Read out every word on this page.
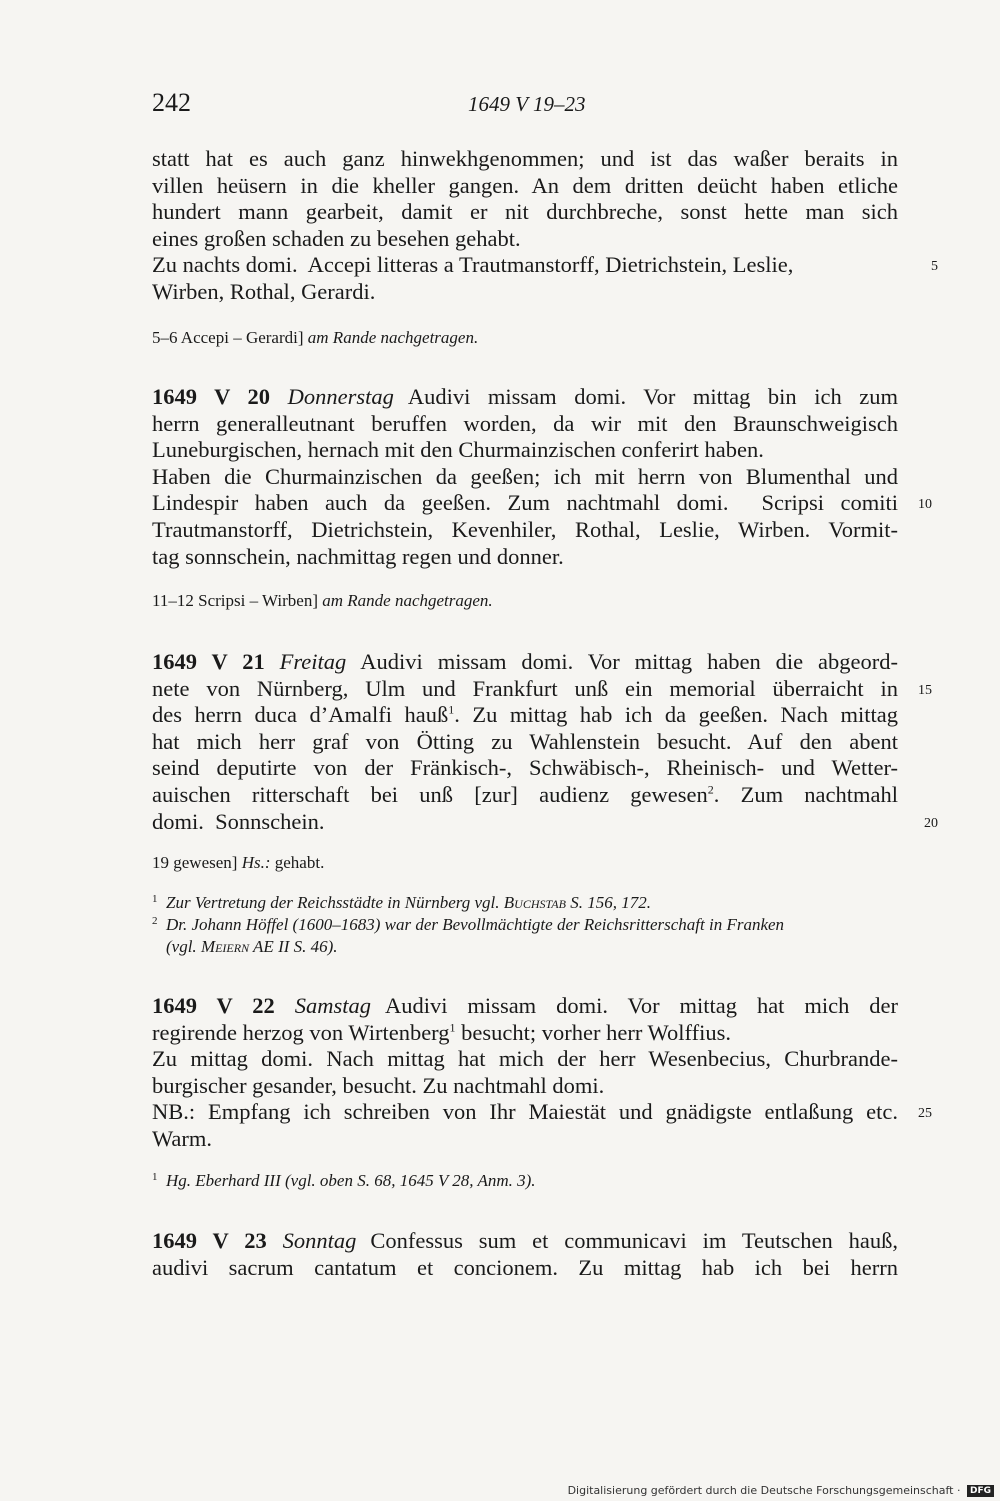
242	1649 V 19–23
statt hat es auch ganz hinwekhgenommen; und ist das waßer beraits in
villen heüsern in die kheller gangen. An dem dritten deücht haben etliche
hundert mann gearbeit, damit er nit durchbreche, sonst hette man sich
eines großen schaden zu besehen gehabt.
Zu nachts domi.  Accepi litteras a Trautmanstorff, Dietrichstein, Leslie,	5
Wirben, Rothal, Gerardi.
5–6 Accepi – Gerardi] am Rande nachgetragen.
1649 V 20 Donnerstag Audivi missam domi. Vor mittag bin ich zum
herrn generalleutnant beruffen worden, da wir mit den Braunschweigisch
Luneburgischen, hernach mit den Churmainzischen conferirt haben.
Haben die Churmainzischen da geeßen; ich mit herrn von Blumenthal und
Lindespir haben auch da geeßen. Zum nachtmahl domi.  Scripsi comiti 10
Trautmanstorff, Dietrichstein, Kevenhiler, Rothal, Leslie, Wirben. Vormit-
tag sonnschein, nachmittag regen und donner.
11–12 Scripsi – Wirben] am Rande nachgetragen.
1649 V 21 Freitag Audivi missam domi. Vor mittag haben die abgeord-
nete von Nürnberg, Ulm und Frankfurt unß ein memorial überraicht in 15
des herrn duca d’Amalfi hauß$^1$. Zu mittag hab ich da geeßen. Nach mittag
hat mich herr graf von Ötting zu Wahlenstein besucht. Auf den abent
seind deputirte von der Fränkisch-, Schwäbisch-, Rheinisch- und Wetter-
auischen ritterschaft bei unß [zur] audienz gewesen$^2$. Zum nachtmahl
domi.  Sonnschein.	20
19 gewesen] Hs.: gehabt.
1 Zur Vertretung der Reichsstädte in Nürnberg vgl. Buchstab S. 156, 172.
2 Dr. Johann Höffel (1600–1683) war der Bevollmächtigte der Reichsritterschaft in Franken
(vgl. Meiern AE II S. 46).
1649 V 22 Samstag Audivi missam domi. Vor mittag hat mich der
regirende herzog von Wirtenberg$^1$ besucht; vorher herr Wolffius.
Zu mittag domi. Nach mittag hat mich der herr Wesenbecius, Churbrande-
burgischer gesander, besucht. Zu nachtmahl domi.
NB.: Empfang ich schreiben von Ihr Maiestät und gnädigste entlaßung etc. 25
Warm.
1 Hg. Eberhard III (vgl. oben S. 68, 1645 V 28, Anm. 3).
1649 V 23 Sonntag Confessus sum et communicavi im Teutschen hauß,
audivi sacrum cantatum et concionem. Zu mittag hab ich bei herrn
Digitalisierung gefördert durch die Deutsche Forschungsgemeinschaft · DFG
